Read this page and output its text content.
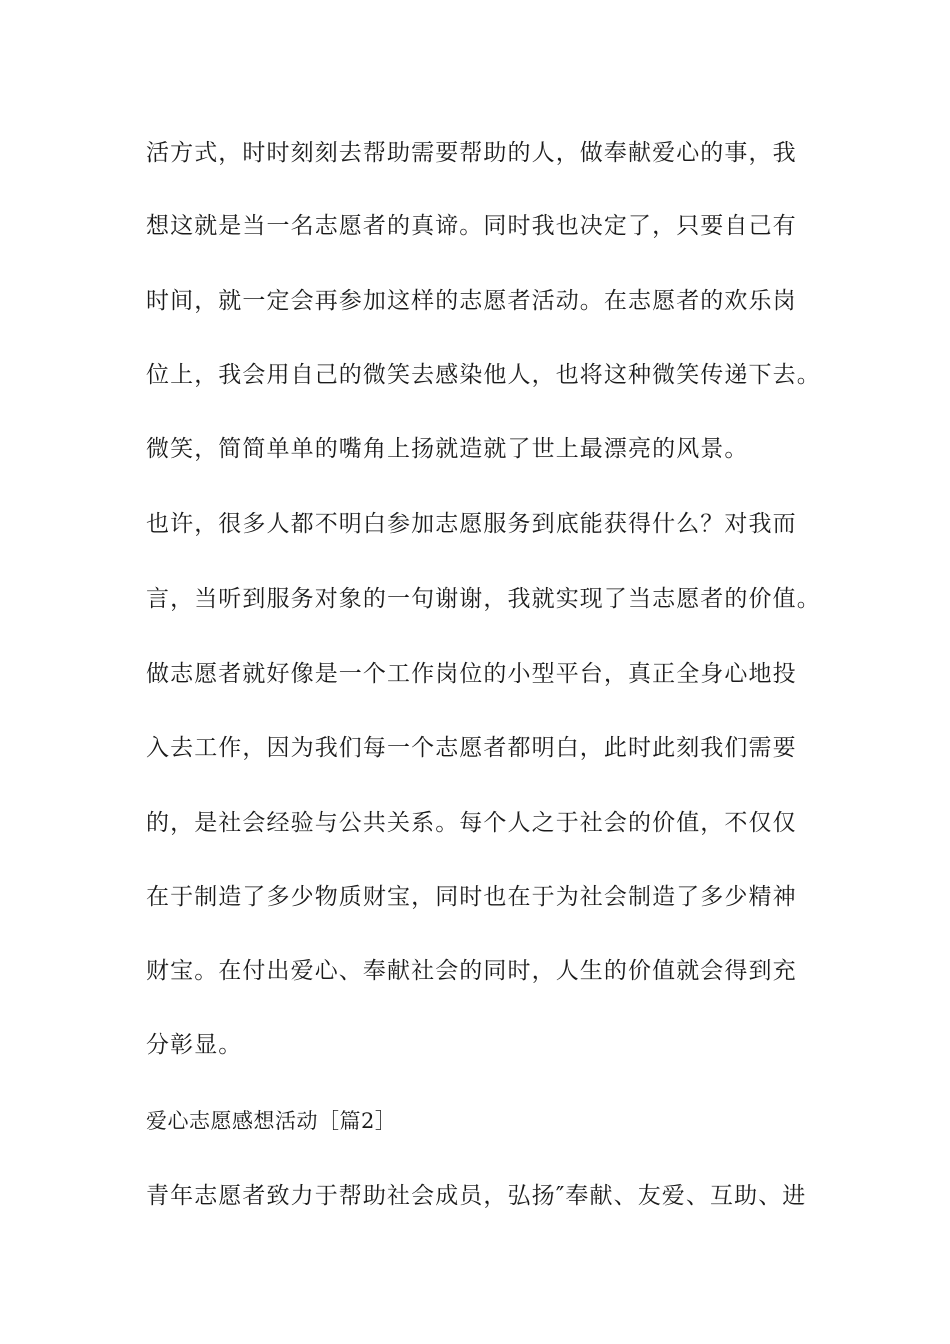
活方式，时时刻刻去帮助需要帮助的人，做奉献爱心的事，我

想这就是当一名志愿者的真谛。同时我也决定了，只要自己有

时间，就一定会再参加这样的志愿者活动。在志愿者的欢乐岗

位上，我会用自己的微笑去感染他人，也将这种微笑传递下去。

微笑，简简单单的嘴角上扬就造就了世上最漂亮的风景。

也许，很多人都不明白参加志愿服务到底能获得什么？对我而

言，当听到服务对象的一句谢谢，我就实现了当志愿者的价值。

做志愿者就好像是一个工作岗位的小型平台，真正全身心地投

入去工作，因为我们每一个志愿者都明白，此时此刻我们需要

的，是社会经验与公共关系。每个人之于社会的价值，不仅仅

在于制造了多少物质财宝，同时也在于为社会制造了多少精神

财宝。在付出爱心、奉献社会的同时，人生的价值就会得到充

分彰显。

爱心志愿感想活动［篇2］

青年志愿者致力于帮助社会成员，弘扬″奉献、友爱、互助、进
